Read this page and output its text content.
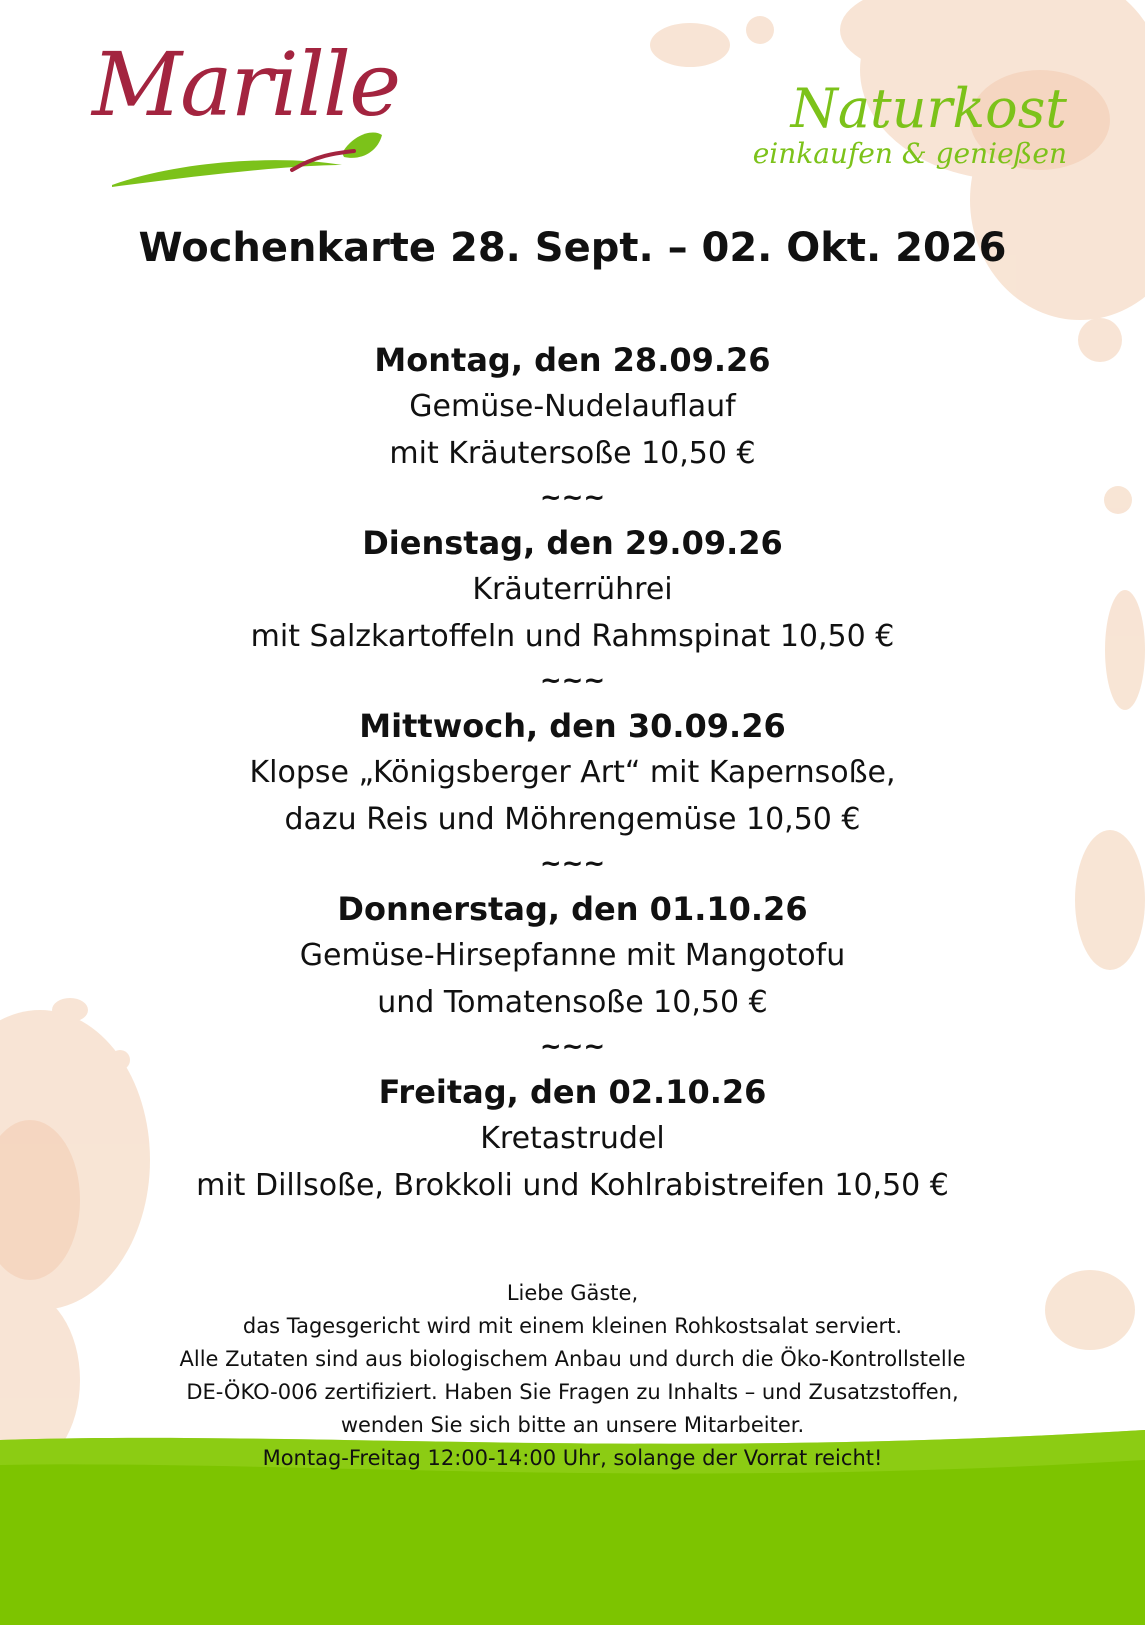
Marille	Naturkost
einkaufen & genießen
Wochenkarte 28. Sept. – 02. Okt. 2026
Montag, den 28.09.26
Gemüse-Nudelauflauf
mit Kräutersoße 10,50 €
~~~
Dienstag, den 29.09.26
Kräuterrührei
mit Salzkartoffeln und Rahmspinat 10,50 €
~~~
Mittwoch, den 30.09.26
Klopse „Königsberger Art“ mit Kapernsoße,
dazu Reis und Möhrengemüse 10,50 €
~~~
Donnerstag, den 01.10.26
Gemüse-Hirsepfanne mit Mangotofu
und Tomatensoße 10,50 €
~~~
Freitag, den 02.10.26
Kretastrudel
mit Dillsoße, Brokkoli und Kohlrabistreifen 10,50 €
Liebe Gäste,
das Tagesgericht wird mit einem kleinen Rohkostsalat serviert.
Alle Zutaten sind aus biologischem Anbau und durch die Öko-Kontrollstelle
DE-ÖKO-006 zertifiziert. Haben Sie Fragen zu Inhalts – und Zusatzstoffen,
wenden Sie sich bitte an unsere Mitarbeiter.
Montag-Freitag 12:00-14:00 Uhr, solange der Vorrat reicht!
